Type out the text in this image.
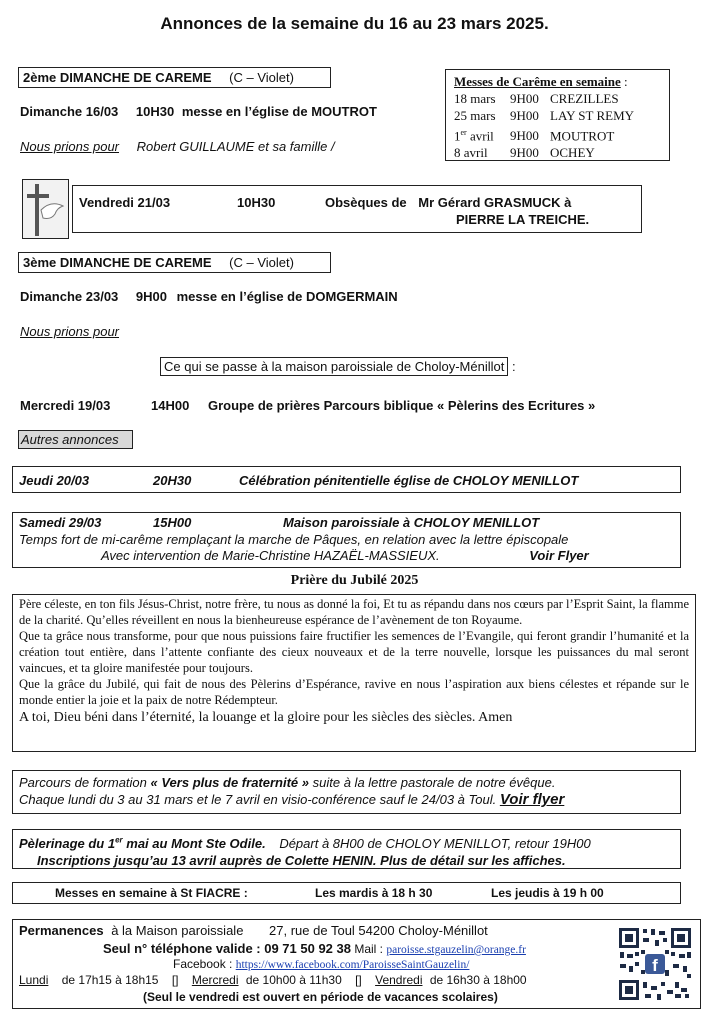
Annonces de la semaine du 16 au 23 mars 2025.
2ème DIMANCHE DE CAREME (C – Violet)
Dimanche 16/03 10H30 messe en l’église de MOUTROT
Nous prions pour Robert GUILLAUME et sa famille /
Messes de Carême en semaine :
18 mars 9H00 CREZILLES
25 mars 9H00 LAY ST REMY
1er avril 9H00 MOUTROT
8 avril 9H00 OCHEY
Vendredi 21/03	10H30	Obsèques de Mr Gérard GRASMUCK à
PIERRE LA TREICHE.
3ème DIMANCHE DE CAREME (C – Violet)
Dimanche 23/03 9H00 messe en l’église de DOMGERMAIN
Nous prions pour
Ce qui se passe à la maison paroissiale de Choloy-Ménillot :
Mercredi 19/03	14H00 Groupe de prières Parcours biblique « Pèlerins des Ecritures »
Autres annonces
Jeudi 20/03	20H30	Célébration pénitentielle église de CHOLOY MENILLOT
Samedi 29/03	15H00	Maison paroissiale à CHOLOY MENILLOT
Temps fort de mi-carême remplaçant la marche de Pâques, en relation avec la lettre épiscopale
Avec intervention de Marie-Christine HAZAËL-MASSIEUX.	Voir Flyer
Prière du Jubilé 2025
Père céleste, en ton fils Jésus-Christ, notre frère, tu nous as donné la foi, Et tu as répandu dans nos cœurs par l’Esprit Saint, la flamme de la charité. Qu’elles réveillent en nous la bienheureuse espérance de l’avènement de ton Royaume.
Que ta grâce nous transforme, pour que nous puissions faire fructifier les semences de l’Evangile, qui feront grandir l’humanité et la création tout entière, dans l’attente confiante des cieux nouveaux et de la terre nouvelle, lorsque les puissances du mal seront vaincues, et ta gloire manifestée pour toujours.
Que la grâce du Jubilé, qui fait de nous des Pèlerins d’Espérance, ravive en nous l’aspiration aux biens célestes et répande sur le monde entier la joie et la paix de notre Rédempteur.
A toi, Dieu béni dans l’éternité, la louange et la gloire pour les siècles des siècles. Amen
Parcours de formation « Vers plus de fraternité » suite à la lettre pastorale de notre évêque.
Chaque lundi du 3 au 31 mars et le 7 avril en visio-conférence sauf le 24/03 à Toul. Voir flyer
Pèlerinage du 1er mai au Mont Ste Odile. Départ à 8H00 de CHOLOY MENILLOT, retour 19H00
Inscriptions jusqu’au 13 avril auprès de Colette HENIN. Plus de détail sur les affiches.
Messes en semaine à St FIACRE :	Les mardis à 18 h 30	Les jeudis à 19 h 00
Permanences à la Maison paroissiale 27, rue de Toul 54200 Choloy-Ménillot
Seul n° téléphone valide : 09 71 50 92 38 Mail : paroisse.stgauzelin@orange.fr
Facebook : https://www.facebook.com/ParoisseSaintGauzelin/
Lundi de 17h15 à 18h15 [] Mercredi de 10h00 à 11h30 [] Vendredi de 16h30 à 18h00
(Seul le vendredi est ouvert en période de vacances scolaires)
f
